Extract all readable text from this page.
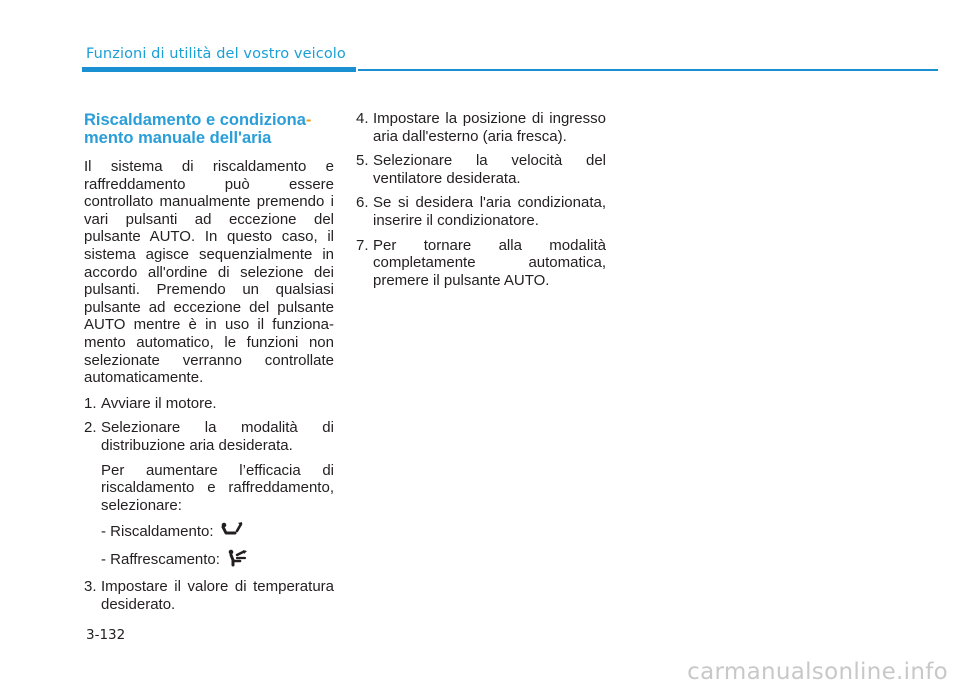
Funzioni di utilità del vostro veicolo
Riscaldamento e condiziona-
mento manuale dell'aria
Il sistema di riscaldamento e raffreddamento può essere controllato manualmente premendo i vari pulsanti ad eccezione del pulsante AUTO. In questo caso, il sistema agisce sequenzialmente in accordo all'ordine di selezione dei pulsanti. Premendo un qualsiasi pulsante ad eccezione del pulsante AUTO mentre è in uso il funziona-mento automatico, le funzioni non selezionate verranno controllate automaticamente.
1. Avviare il motore.
2. Selezionare la modalità di distribuzione aria desiderata.
Per aumentare l’efficacia di riscaldamento e raffreddamento, selezionare:
- Riscaldamento:
- Raffrescamento:
3. Impostare il valore di temperatura desiderato.
4. Impostare la posizione di ingresso aria dall'esterno (aria fresca).
5. Selezionare la velocità del ventilatore desiderata.
6. Se si desidera l'aria condizionata, inserire il condizionatore.
7. Per tornare alla modalità completamente automatica, premere il pulsante AUTO.
3-132
carmanualsonline.info
